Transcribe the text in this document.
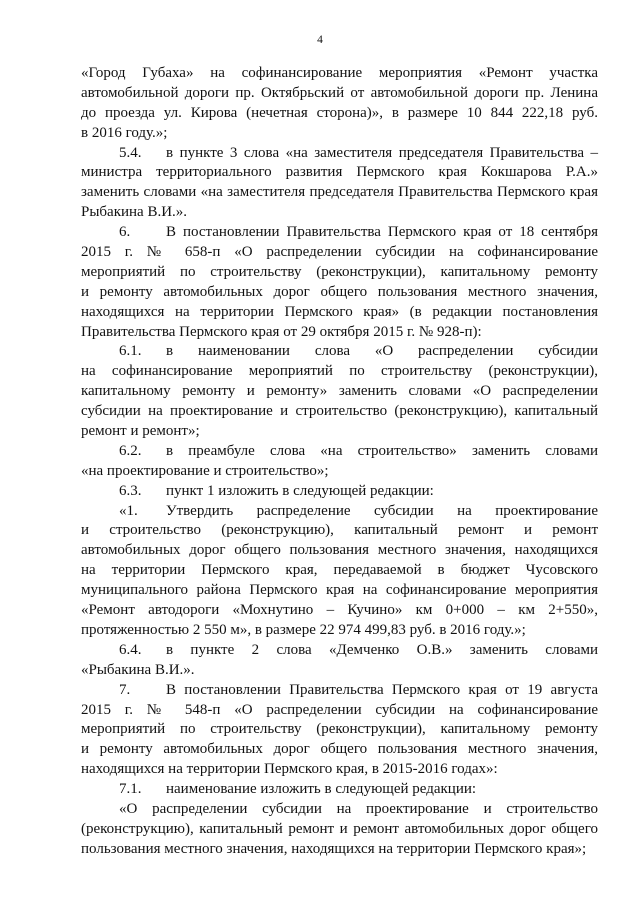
4
«Город Губаха» на софинансирование мероприятия «Ремонт участка
автомобильной дороги пр. Октябрьский от автомобильной дороги пр. Ленина
до проезда ул. Кирова (нечетная сторона)», в размере 10 844 222,18 руб.
в 2016 году.»;
5.4. в пункте 3 слова «на заместителя председателя Правительства –
министра территориального развития Пермского края Кокшарова Р.А.»
заменить словами «на заместителя председателя Правительства Пермского края
Рыбакина В.И.».
6. В постановлении Правительства Пермского края от 18 сентября
2015 г. № 658-п «О распределении субсидии на софинансирование
мероприятий по строительству (реконструкции), капитальному ремонту
и ремонту автомобильных дорог общего пользования местного значения,
находящихся на территории Пермского края» (в редакции постановления
Правительства Пермского края от 29 октября 2015 г. № 928-п):
6.1. в наименовании слова «О распределении субсидии
на софинансирование мероприятий по строительству (реконструкции),
капитальному ремонту и ремонту» заменить словами «О распределении
субсидии на проектирование и строительство (реконструкцию), капитальный
ремонт и ремонт»;
6.2. в преамбуле слова «на строительство» заменить словами
«на проектирование и строительство»;
6.3. пункт 1 изложить в следующей редакции:
«1. Утвердить распределение субсидии на проектирование
и строительство (реконструкцию), капитальный ремонт и ремонт
автомобильных дорог общего пользования местного значения, находящихся
на территории Пермского края, передаваемой в бюджет Чусовского
муниципального района Пермского края на софинансирование мероприятия
«Ремонт автодороги «Мохнутино – Кучино» км 0+000 – км 2+550»,
протяженностью 2 550 м», в размере 22 974 499,83 руб. в 2016 году.»;
6.4. в пункте 2 слова «Демченко О.В.» заменить словами
«Рыбакина В.И.».
7. В постановлении Правительства Пермского края от 19 августа
2015 г. № 548-п «О распределении субсидии на софинансирование
мероприятий по строительству (реконструкции), капитальному ремонту
и ремонту автомобильных дорог общего пользования местного значения,
находящихся на территории Пермского края, в 2015-2016 годах»:
7.1. наименование изложить в следующей редакции:
«О распределении субсидии на проектирование и строительство
(реконструкцию), капитальный ремонт и ремонт автомобильных дорог общего
пользования местного значения, находящихся на территории Пермского края»;
